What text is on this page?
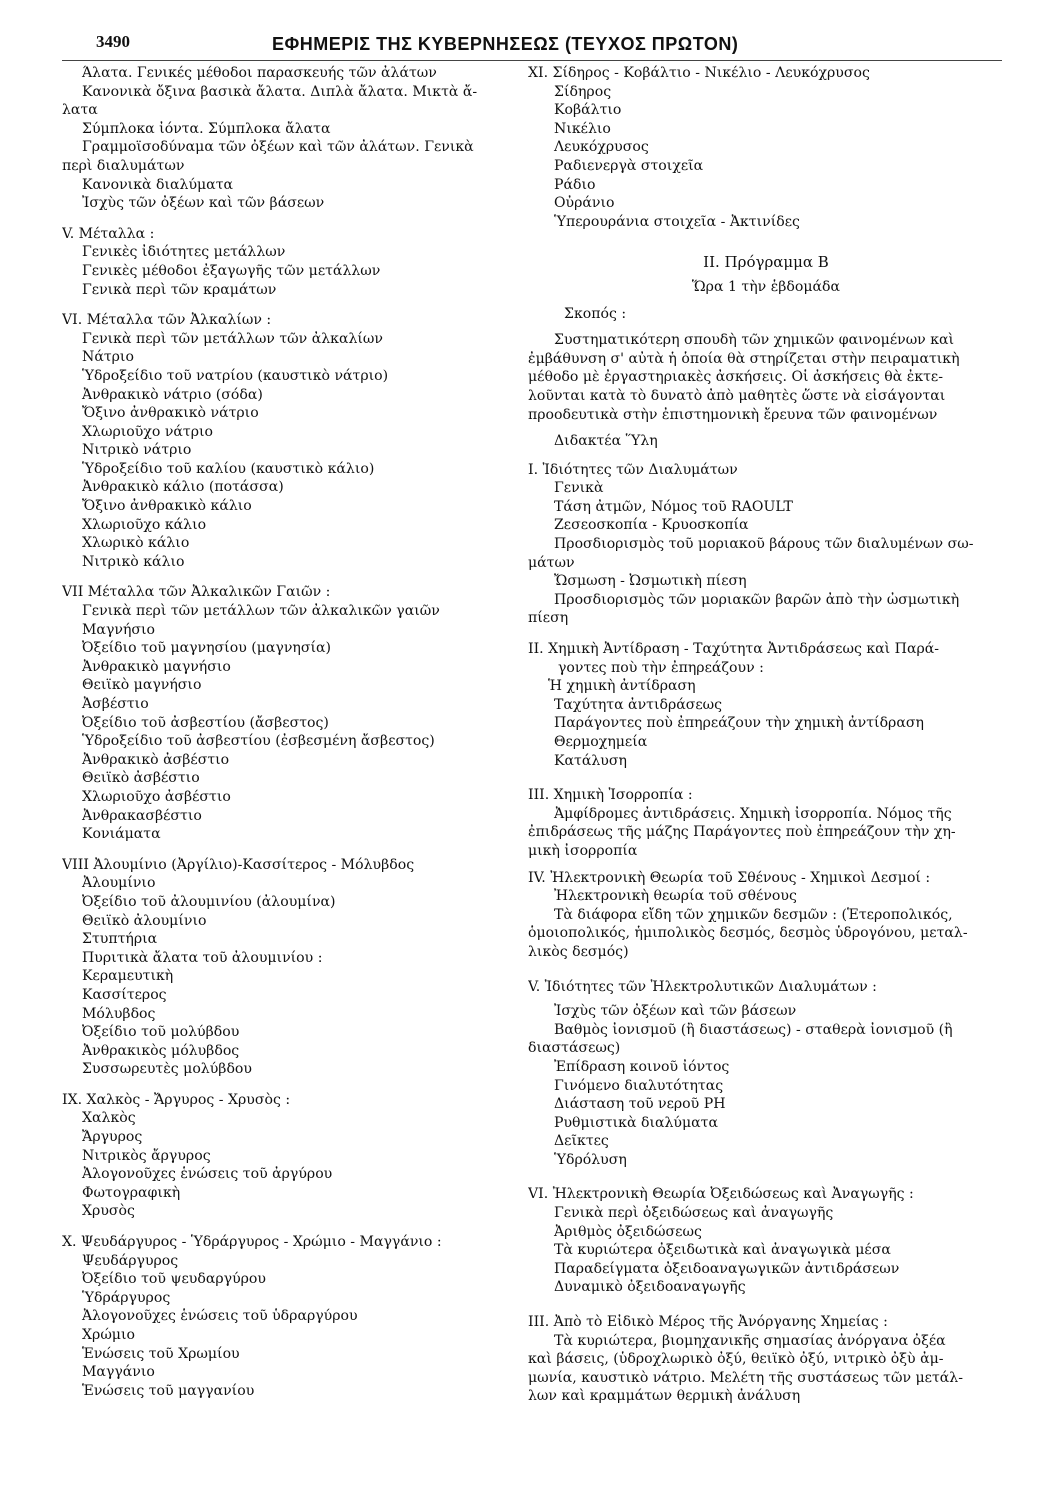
3490	ΕΦΗΜΕΡΙΣ ΤΗΣ ΚΥΒΕΡΝΗΣΕΩΣ (ΤΕΥΧΟΣ ΠΡΩΤΟΝ)
Άλατα. Γενικές μέθοδοι παρασκευής τῶν ἀλάτων
Κανονικὰ ὄξινα βασικὰ ἄλατα. Διπλὰ ἄλατα. Μικτὰ ἄ-
λατα
Σύμπλοκα ἰόντα. Σύμπλοκα ἄλατα
Γραμμοϊσοδύναμα τῶν ὀξέων καὶ τῶν ἀλάτων. Γενικὰ
περὶ διαλυμάτων
Κανονικὰ διαλύματα
Ἰσχὺς τῶν ὀξέων καὶ τῶν βάσεων
V. Μέταλλα :
Γενικὲς ἰδιότητες μετάλλων
Γενικὲς μέθοδοι ἐξαγωγῆς τῶν μετάλλων
Γενικὰ περὶ τῶν κραμάτων
VI. Μέταλλα τῶν Ἀλκαλίων :
Γενικὰ περὶ τῶν μετάλλων τῶν ἀλκαλίων
Νάτριο
Ὑδροξείδιο τοῦ νατρίου (καυστικὸ νάτριο)
Ἀνθρακικὸ νάτριο (σόδα)
Ὄξινο ἀνθρακικὸ νάτριο
Χλωριοῦχο νάτριο
Νιτρικὸ νάτριο
Ὑδροξείδιο τοῦ καλίου (καυστικὸ κάλιο)
Ἀνθρακικὸ κάλιο (ποτάσσα)
Ὄξινο ἀνθρακικὸ κάλιο
Χλωριοῦχο κάλιο
Χλωρικὸ κάλιο
Νιτρικὸ κάλιο
VII Μέταλλα τῶν Ἀλκαλικῶν Γαιῶν :
Γενικὰ περὶ τῶν μετάλλων τῶν ἀλκαλικῶν γαιῶν
Μαγνήσιο
Ὀξείδιο τοῦ μαγνησίου (μαγνησία)
Ἀνθρακικὸ μαγνήσιο
Θειϊκὸ μαγνήσιο
Ἀσβέστιο
Ὀξείδιο τοῦ ἀσβεστίου (ἄσβεστος)
Ὑδροξείδιο τοῦ ἀσβεστίου (ἐσβεσμένη ἄσβεστος)
Ἀνθρακικὸ ἀσβέστιο
Θειϊκὸ ἀσβέστιο
Χλωριοῦχο ἀσβέστιο
Ἀνθρακασβέστιο
Κονιάματα
VIII Ἀλουμίνιο (Ἀργίλιο)-Κασσίτερος - Μόλυβδος
Ἀλουμίνιο
Ὀξείδιο τοῦ ἀλουμινίου (ἀλουμίνα)
Θειϊκὸ ἀλουμίνιο
Στυπτήρια
Πυριτικὰ ἄλατα τοῦ ἀλουμινίου :
Κεραμευτικὴ
Κασσίτερος
Μόλυβδος
Ὀξείδιο τοῦ μολύβδου
Ἀνθρακικὸς μόλυβδος
Συσσωρευτὲς μολύβδου
IX. Χαλκὸς - Ἄργυρος - Χρυσὸς :
Χαλκὸς
Ἄργυρος
Νιτρικὸς ἄργυρος
Ἀλογονοῦχες ἑνώσεις τοῦ ἀργύρου
Φωτογραφικὴ
Χρυσὸς
X. Ψευδάργυρος - Ὑδράργυρος - Χρώμιο - Μαγγάνιο :
Ψευδάργυρος
Ὀξείδιο τοῦ ψευδαργύρου
Ὑδράργυρος
Ἀλογονοῦχες ἑνώσεις τοῦ ὑδραργύρου
Χρώμιο
Ἑνώσεις τοῦ Χρωμίου
Μαγγάνιο
Ἑνώσεις τοῦ μαγγανίου
XI. Σίδηρος - Κοβάλτιο - Νικέλιο - Λευκόχρυσος
Σίδηρος
Κοβάλτιο
Νικέλιο
Λευκόχρυσος
Ραδιενεργὰ στοιχεῖα
Ράδιο
Οὐράνιο
Ὑπερουράνια στοιχεῖα - Ἀκτινίδες
ΙΙ. Πρόγραμμα Β
Ὥρα 1 τὴν ἑβδομάδα
Σκοπός :
Συστηματικότερη σπουδὴ τῶν χημικῶν φαινομένων καὶ
ἐμβάθυνση σ' αὐτὰ ἡ ὁποία θὰ στηρίζεται στὴν πειραματικὴ
μέθοδο μὲ ἐργαστηριακὲς ἀσκήσεις. Οἱ ἀσκήσεις θὰ ἐκτε-
λοῦνται κατὰ τὸ δυνατὸ ἀπὸ μαθητὲς ὥστε νὰ εἰσάγονται
προοδευτικὰ στὴν ἐπιστημονικὴ ἔρευνα τῶν φαινομένων
Διδακτέα Ὕλη
Ι. Ἰδιότητες τῶν Διαλυμάτων
Γενικὰ
Τάση ἀτμῶν, Νόμος τοῦ RAOULT
Ζεσεοσκοπία - Κρυοσκοπία
Προσδιορισμὸς τοῦ μοριακοῦ βάρους τῶν διαλυμένων σω-
μάτων
Ὤσμωση - Ὠσμωτικὴ πίεση
Προσδιορισμὸς τῶν μοριακῶν βαρῶν ἀπὸ τὴν ὠσμωτικὴ
πίεση
ΙΙ. Χημικὴ Ἀντίδραση - Ταχύτητα Ἀντιδράσεως καὶ Παρά-
γοντες ποὺ τὴν ἐπηρεάζουν :
Ἡ χημικὴ ἀντίδραση
Ταχύτητα ἀντιδράσεως
Παράγοντες ποὺ ἐπηρεάζουν τὴν χημικὴ ἀντίδραση
Θερμοχημεία
Κατάλυση
ΙΙΙ. Χημικὴ Ἰσορροπία :
Ἀμφίδρομες ἀντιδράσεις. Χημικὴ ἰσορροπία. Νόμος τῆς
ἐπιδράσεως τῆς μάζης Παράγοντες ποὺ ἐπηρεάζουν τὴν χη-
μικὴ ἰσορροπία
IV. Ἠλεκτρονικὴ Θεωρία τοῦ Σθένους - Χημικοὶ Δεσμοί :
Ἠλεκτρονικὴ θεωρία τοῦ σθένους
Τὰ διάφορα εἴδη τῶν χημικῶν δεσμῶν : (Ἑτεροπολικός,
ὁμοιοπολικός, ἡμιπολικὸς δεσμός, δεσμὸς ὑδρογόνου, μεταλ-
λικὸς δεσμός)
V. Ἰδιότητες τῶν Ἠλεκτρολυτικῶν Διαλυμάτων :
Ἰσχὺς τῶν ὀξέων καὶ τῶν βάσεων
Βαθμὸς ἰονισμοῦ (ἢ διαστάσεως) - σταθερὰ ἰονισμοῦ (ἢ
διαστάσεως)
Ἐπίδραση κοινοῦ ἰόντος
Γινόμενο διαλυτότητας
Διάσταση τοῦ νεροῦ PH
Ρυθμιστικὰ διαλύματα
Δεῖκτες
Ὑδρόλυση
VI. Ἠλεκτρονικὴ Θεωρία Ὀξειδώσεως καὶ Ἀναγωγῆς :
Γενικὰ περὶ ὀξειδώσεως καὶ ἀναγωγῆς
Ἀριθμὸς ὀξειδώσεως
Τὰ κυριώτερα ὀξειδωτικὰ καὶ ἀναγωγικὰ μέσα
Παραδείγματα ὀξειδοαναγωγικῶν ἀντιδράσεων
Δυναμικὸ ὀξειδοαναγωγῆς
ΙΙΙ. Ἀπὸ τὸ Εἰδικὸ Μέρος τῆς Ἀνόργανης Χημείας :
Τὰ κυριώτερα, βιομηχανικῆς σημασίας ἀνόργανα ὀξέα
καὶ βάσεις, (ὑδροχλωρικὸ ὀξύ, θειϊκὸ ὀξύ, νιτρικὸ ὀξὺ ἀμ-
μωνία, καυστικὸ νάτριο. Μελέτη τῆς συστάσεως τῶν μετάλ-
λων καὶ κραμμάτων θερμικὴ ἀνάλυση
